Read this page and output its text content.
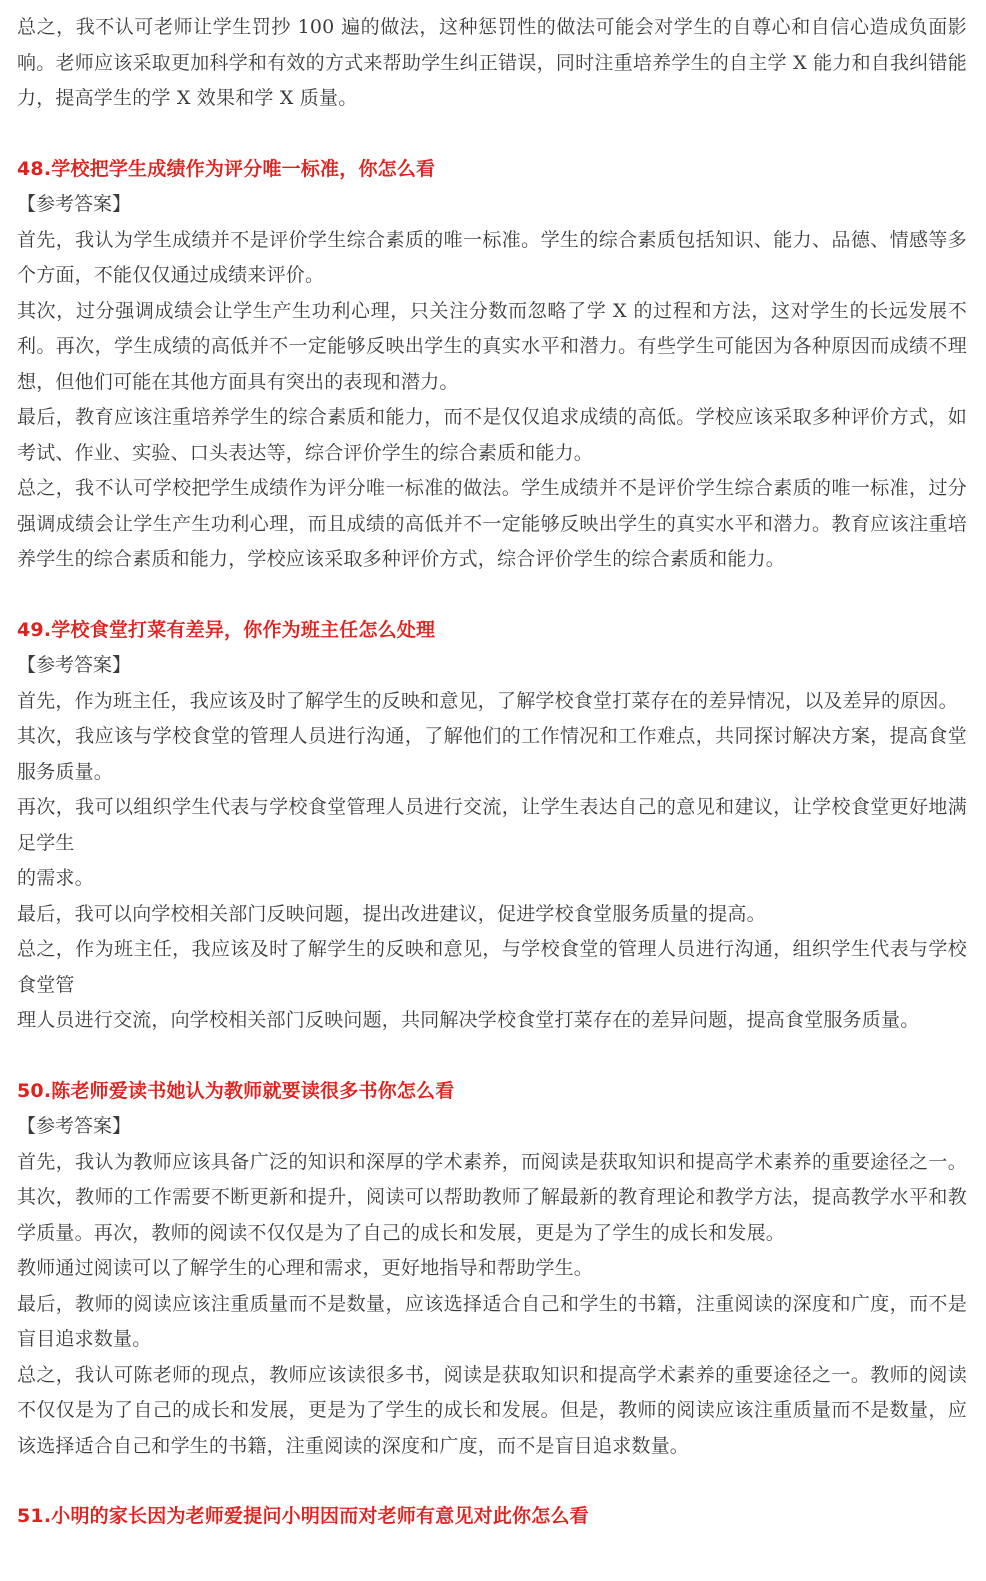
总之，我不认可老师让学生罚抄 100 遍的做法，这种惩罚性的做法可能会对学生的自尊心和自信心造成负面影响。老师应该采取更加科学和有效的方式来帮助学生纠正错误，同时注重培养学生的自主学 X 能力和自我纠错能力，提高学生的学 X 效果和学 X 质量。

48.学校把学生成绩作为评分唯一标准，你怎么看

【参考答案】

首先，我认为学生成绩并不是评价学生综合素质的唯一标准。学生的综合素质包括知识、能力、品德、情感等多个方面，不能仅仅通过成绩来评价。

其次，过分强调成绩会让学生产生功利心理，只关注分数而忽略了学 X 的过程和方法，这对学生的长远发展不利。再次，学生成绩的高低并不一定能够反映出学生的真实水平和潜力。有些学生可能因为各种原因而成绩不理想，但他们可能在其他方面具有突出的表现和潜力。

最后，教育应该注重培养学生的综合素质和能力，而不是仅仅追求成绩的高低。学校应该采取多种评价方式，如考试、作业、实验、口头表达等，综合评价学生的综合素质和能力。

总之，我不认可学校把学生成绩作为评分唯一标准的做法。学生成绩并不是评价学生综合素质的唯一标准，过分强调成绩会让学生产生功利心理，而且成绩的高低并不一定能够反映出学生的真实水平和潜力。教育应该注重培养学生的综合素质和能力，学校应该采取多种评价方式，综合评价学生的综合素质和能力。

49.学校食堂打菜有差异，你作为班主任怎么处理

【参考答案】

首先，作为班主任，我应该及时了解学生的反映和意见，了解学校食堂打菜存在的差异情况，以及差异的原因。

其次，我应该与学校食堂的管理人员进行沟通，了解他们的工作情况和工作难点，共同探讨解决方案，提高食堂服务质量。

再次，我可以组织学生代表与学校食堂管理人员进行交流，让学生表达自己的意见和建议，让学校食堂更好地满足学生

的需求。

最后，我可以向学校相关部门反映问题，提出改进建议，促进学校食堂服务质量的提高。

总之，作为班主任，我应该及时了解学生的反映和意见，与学校食堂的管理人员进行沟通，组织学生代表与学校食堂管

理人员进行交流，向学校相关部门反映问题，共同解决学校食堂打菜存在的差异问题，提高食堂服务质量。

50.陈老师爱读书她认为教师就要读很多书你怎么看

【参考答案】

首先，我认为教师应该具备广泛的知识和深厚的学术素养，而阅读是获取知识和提高学术素养的重要途径之一。其次，教师的工作需要不断更新和提升，阅读可以帮助教师了解最新的教育理论和教学方法，提高教学水平和教学质量。再次，教师的阅读不仅仅是为了自己的成长和发展，更是为了学生的成长和发展。

教师通过阅读可以了解学生的心理和需求，更好地指导和帮助学生。

最后，教师的阅读应该注重质量而不是数量，应该选择适合自己和学生的书籍，注重阅读的深度和广度，而不是盲目追求数量。

总之，我认可陈老师的现点，教师应该读很多书，阅读是获取知识和提高学术素养的重要途径之一。教师的阅读不仅仅是为了自己的成长和发展，更是为了学生的成长和发展。但是，教师的阅读应该注重质量而不是数量，应该选择适合自己和学生的书籍，注重阅读的深度和广度，而不是盲目追求数量。

51.小明的家长因为老师爱提问小明因而对老师有意见对此你怎么看
